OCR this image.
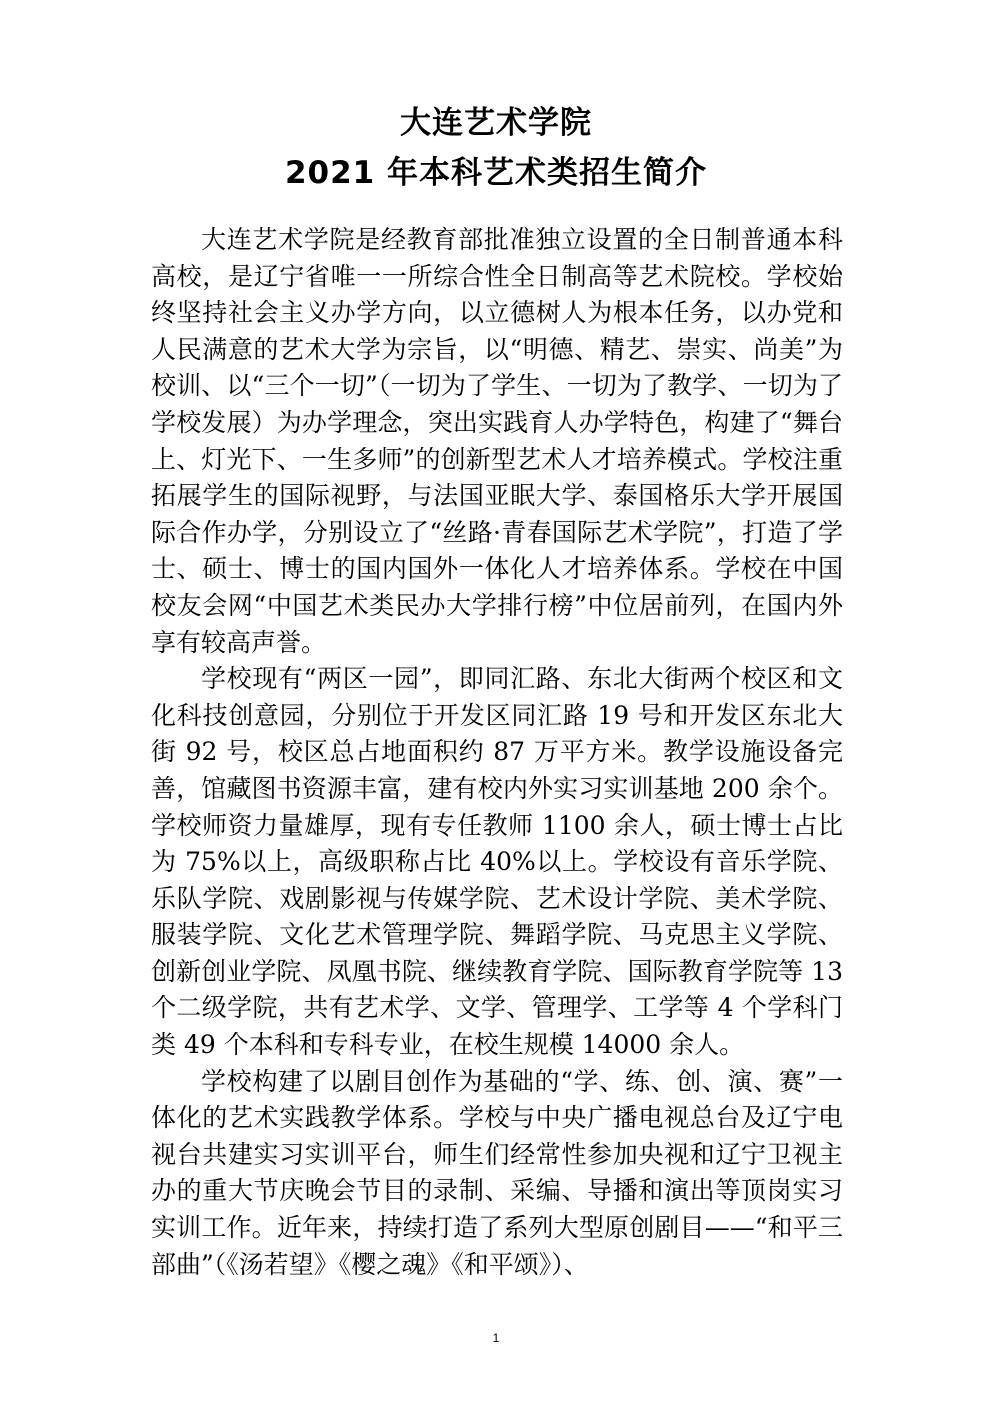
大连艺术学院

2021 年本科艺术类招生简介

大连艺术学院是经教育部批准独立设置的全日制普通本科高校，是辽宁省唯一一所综合性全日制高等艺术院校。学校始终坚持社会主义办学方向，以立德树人为根本任务，以办党和人民满意的艺术大学为宗旨，以“明德、精艺、崇实、尚美”为校训、以“三个一切”（一切为了学生、一切为了教学、一切为了学校发展）为办学理念，突出实践育人办学特色，构建了“舞台上、灯光下、一生多师”的创新型艺术人才培养模式。学校注重拓展学生的国际视野，与法国亚眠大学、泰国格乐大学开展国际合作办学，分别设立了“丝路·青春国际艺术学院”，打造了学士、硕士、博士的国内国外一体化人才培养体系。学校在中国校友会网“中国艺术类民办大学排行榜”中位居前列，在国内外享有较高声誉。

学校现有“两区一园”，即同汇路、东北大街两个校区和文化科技创意园，分别位于开发区同汇路 19 号和开发区东北大街 92 号，校区总占地面积约 87 万平方米。教学设施设备完善，馆藏图书资源丰富，建有校内外实习实训基地 200 余个。学校师资力量雄厚，现有专任教师 1100 余人，硕士博士占比为 75%以上，高级职称占比 40%以上。学校设有音乐学院、乐队学院、戏剧影视与传媒学院、艺术设计学院、美术学院、服装学院、文化艺术管理学院、舞蹈学院、马克思主义学院、创新创业学院、凤凰书院、继续教育学院、国际教育学院等 13 个二级学院，共有艺术学、文学、管理学、工学等 4 个学科门类 49 个本科和专科专业，在校生规模 14000 余人。

学校构建了以剧目创作为基础的“学、练、创、演、赛”一体化的艺术实践教学体系。学校与中央广播电视总台及辽宁电视台共建实习实训平台，师生们经常性参加央视和辽宁卫视主办的重大节庆晚会节目的录制、采编、导播和演出等顶岗实习实训工作。近年来，持续打造了系列大型原创剧目——“和平三部曲”（《汤若望》《樱之魂》《和平颂》）、

1
